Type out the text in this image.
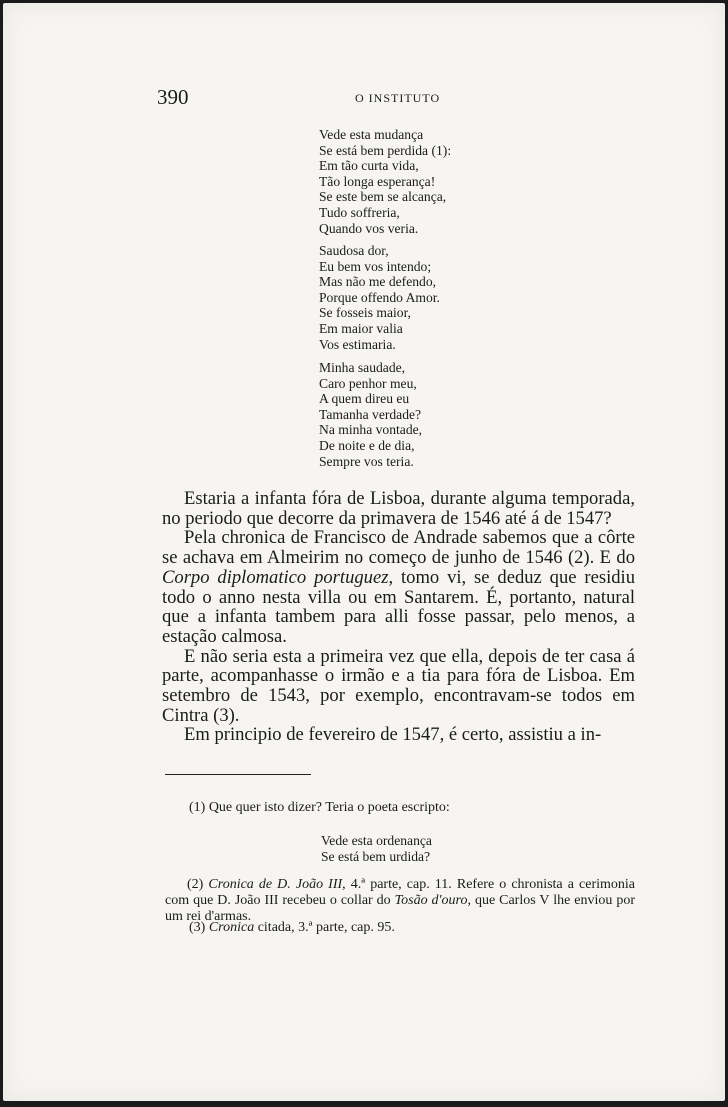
390	O INSTITUTO
Vede esta mudança
Se está bem perdida (1):
Em tão curta vida,
Tão longa esperança!
Se este bem se alcança,
Tudo soffreria,
Quando vos veria.
Saudosa dor,
Eu bem vos intendo;
Mas não me defendo,
Porque offendo Amor.
Se fosseis maior,
Em maior valia
Vos estimaria.
Minha saudade,
Caro penhor meu,
A quem direu eu
Tamanha verdade?
Na minha vontade,
De noite e de dia,
Sempre vos teria.

Estaria a infanta fóra de Lisboa, durante alguma temporada, no periodo que decorre da primavera de 1546 até á de 1547?

Pela chronica de Francisco de Andrade sabemos que a côrte se achava em Almeirim no começo de junho de 1546 (2). E do Corpo diplomatico portuguez, tomo vi, se deduz que residiu todo o anno nesta villa ou em Santarem. É, portanto, natural que a infanta tambem para alli fosse passar, pelo menos, a estação calmosa.

E não seria esta a primeira vez que ella, depois de ter casa á parte, acompanhasse o irmão e a tia para fóra de Lisboa. Em setembro de 1543, por exemplo, encontravam-se todos em Cintra (3).

Em principio de fevereiro de 1547, é certo, assistiu a in-

(1) Que quer isto dizer? Teria o poeta escripto:
Vede esta ordenança
Se está bem urdida?
(2) Cronica de D. João III, 4.ª parte, cap. 11. Refere o chronista a cerimonia com que D. João III recebeu o collar do Tosão d'ouro, que Carlos V lhe enviou por um rei d'armas.
(3) Cronica citada, 3.ª parte, cap. 95.
